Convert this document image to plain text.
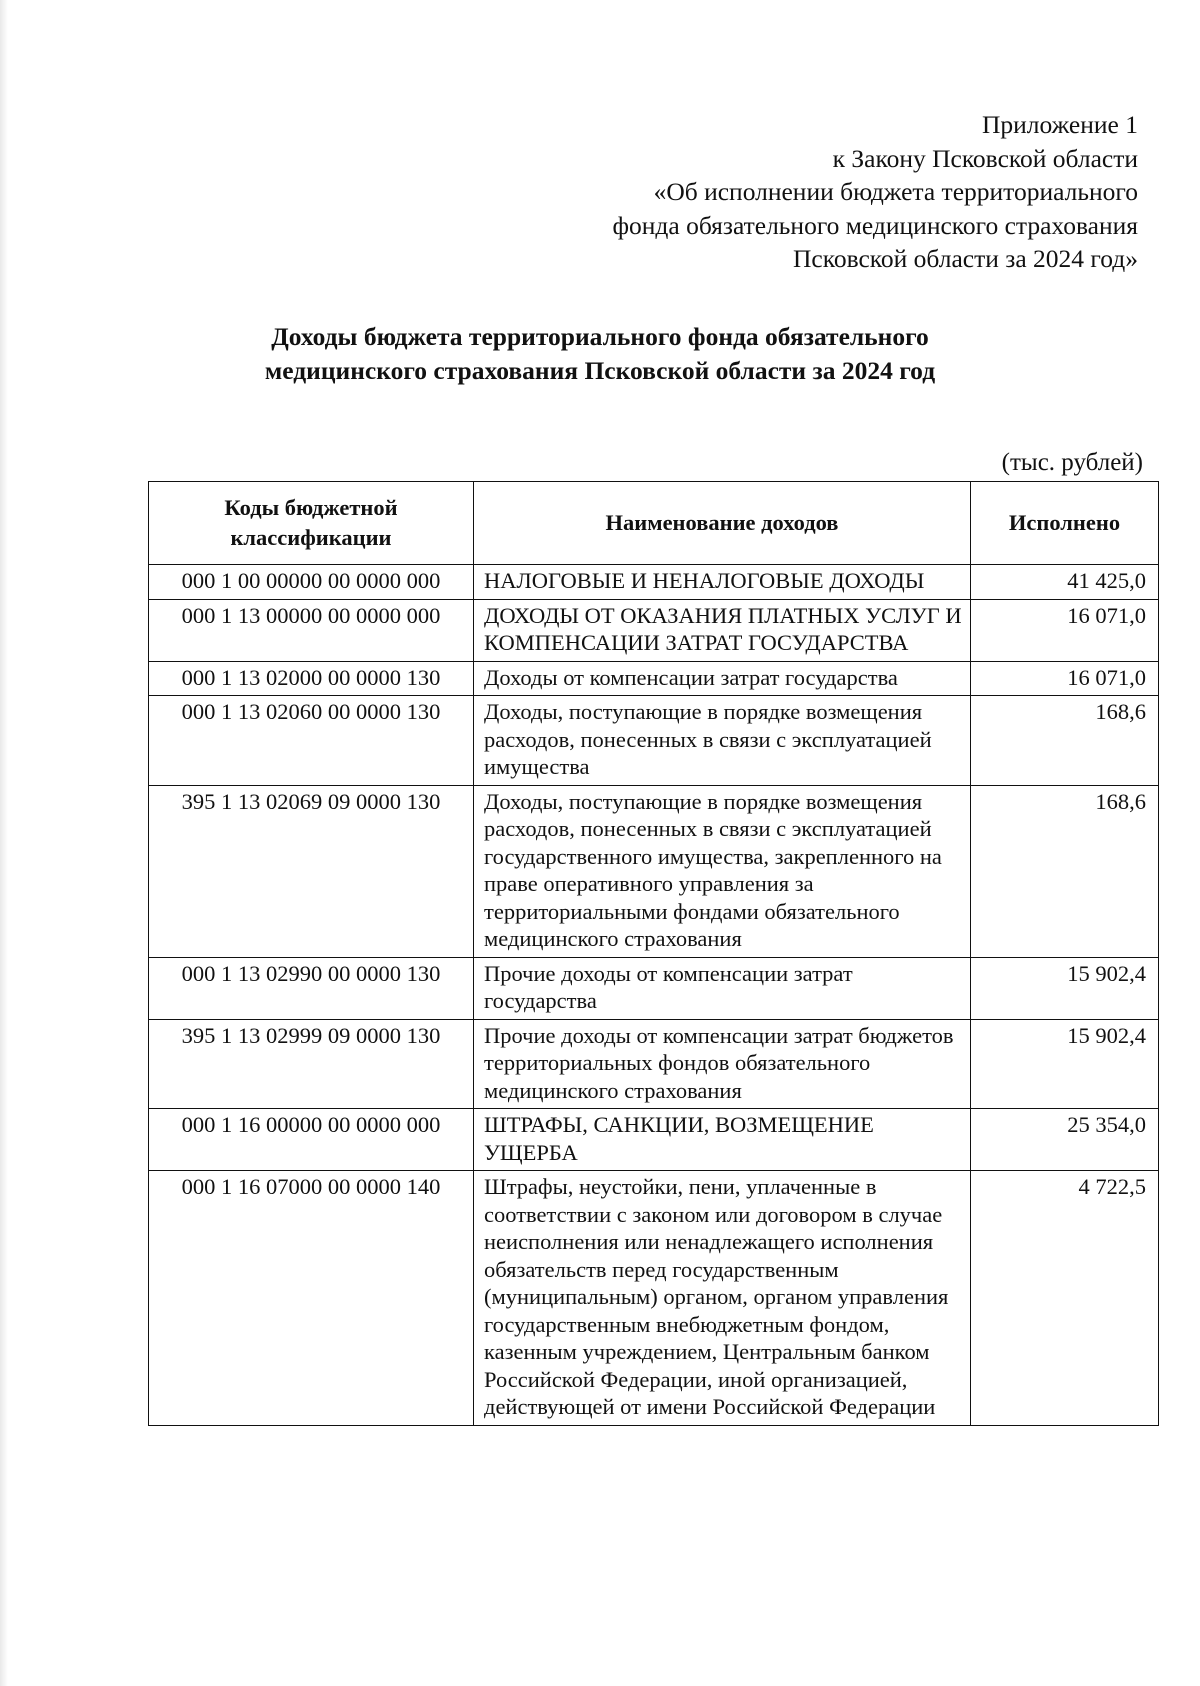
Приложение 1
к Закону Псковской области
«Об исполнении бюджета территориального
фонда обязательного медицинского страхования
Псковской области за 2024 год»
Доходы бюджета территориального фонда обязательного
медицинского страхования Псковской области за 2024 год
(тыс. рублей)
Коды бюджетной классификации	Наименование доходов	Исполнено
000 1 00 00000 00 0000 000	НАЛОГОВЫЕ И НЕНАЛОГОВЫЕ ДОХОДЫ	41 425,0
000 1 13 00000 00 0000 000	ДОХОДЫ ОТ ОКАЗАНИЯ ПЛАТНЫХ УСЛУГ И КОМПЕНСАЦИИ ЗАТРАТ ГОСУДАРСТВА	16 071,0
000 1 13 02000 00 0000 130	Доходы от компенсации затрат государства	16 071,0
000 1 13 02060 00 0000 130	Доходы, поступающие в порядке возмещения расходов, понесенных в связи с эксплуатацией имущества	168,6
395 1 13 02069 09 0000 130	Доходы, поступающие в порядке возмещения расходов, понесенных в связи с эксплуатацией государственного имущества, закрепленного на праве оперативного управления за территориальными фондами обязательного медицинского страхования	168,6
000 1 13 02990 00 0000 130	Прочие доходы от компенсации затрат государства	15 902,4
395 1 13 02999 09 0000 130	Прочие доходы от компенсации затрат бюджетов территориальных фондов обязательного медицинского страхования	15 902,4
000 1 16 00000 00 0000 000	ШТРАФЫ, САНКЦИИ, ВОЗМЕЩЕНИЕ УЩЕРБА	25 354,0
000 1 16 07000 00 0000 140	Штрафы, неустойки, пени, уплаченные в соответствии с законом или договором в случае неисполнения или ненадлежащего исполнения обязательств перед государственным (муниципальным) органом, органом управления государственным внебюджетным фондом, казенным учреждением, Центральным банком Российской Федерации, иной организацией, действующей от имени Российской Федерации	4 722,5
